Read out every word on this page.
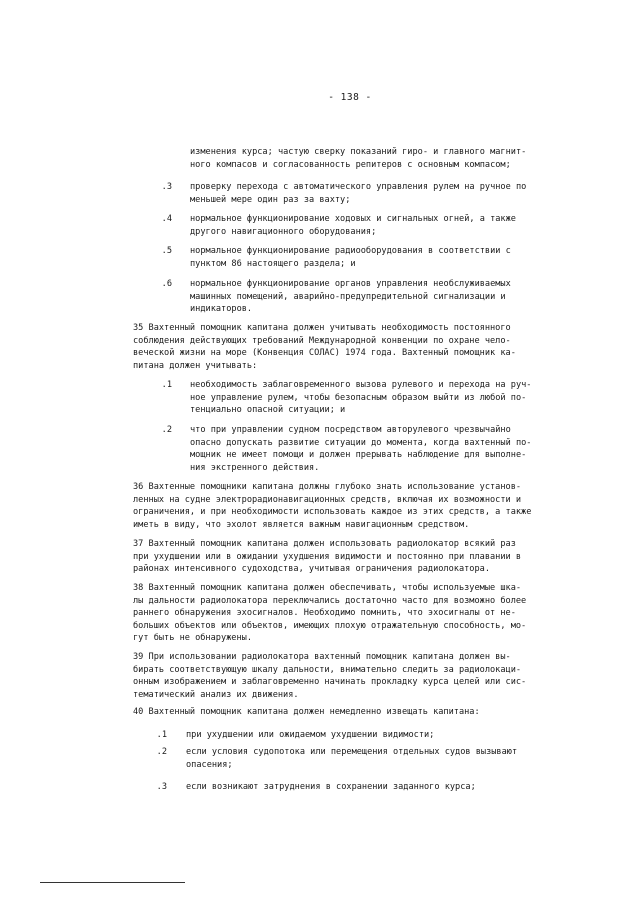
- 138 -
изменения курса; частую сверку показаний гиро- и главного магнит-
ного компасов и согласованность репитеров с основным компасом;
.3 проверку перехода с автоматического управления рулем на ручное по
меньшей мере один раз за вахту;
.4 нормальное функционирование ходовых и сигнальных огней, а также
другого навигационного оборудования;
.5 нормальное функционирование радиооборудования в соответствии с
пунктом 86 настоящего раздела; и
.6 нормальное функционирование органов управления необслуживаемых
машинных помещений, аварийно-предупредительной сигнализации и
индикаторов.
35 Вахтенный помощник капитана должен учитывать необходимость постоянного
соблюдения действующих требований Международной конвенции по охране чело-
веческой жизни на море (Конвенция СОЛАС) 1974 года. Вахтенный помощник ка-
питана должен учитывать:
.1 необходимость заблаговременного вызова рулевого и перехода на руч-
ное управление рулем, чтобы безопасным образом выйти из любой по-
тенциально опасной ситуации; и
.2 что при управлении судном посредством авторулевого чрезвычайно
опасно допускать развитие ситуации до момента, когда вахтенный по-
мощник не имеет помощи и должен прерывать наблюдение для выполне-
ния экстренного действия.
36 Вахтенные помощники капитана должны глубоко знать использование установ-
ленных на судне электрорадионавигационных средств, включая их возможности и
ограничения, и при необходимости использовать каждое из этих средств, а также
иметь в виду, что эхолот является важным навигационным средством.
37 Вахтенный помощник капитана должен использовать радиолокатор всякий раз
при ухудшении или в ожидании ухудшения видимости и постоянно при плавании в
районах интенсивного судоходства, учитывая ограничения радиолокатора.
38 Вахтенный помощник капитана должен обеспечивать, чтобы используемые шка-
лы дальности радиолокатора переключались достаточно часто для возможно более
раннего обнаружения эхосигналов. Необходимо помнить, что эхосигналы от не-
больших объектов или объектов, имеющих плохую отражательную способность, мо-
гут быть не обнаружены.
39 При использовании радиолокатора вахтенный помощник капитана должен вы-
бирать соответствующую шкалу дальности, внимательно следить за радиолокаци-
онным изображением и заблаговременно начинать прокладку курса целей или сис-
тематический анализ их движения.
40 Вахтенный помощник капитана должен немедленно извещать капитана:
.1 при ухудшении или ожидаемом ухудшении видимости;
.2 если условия судопотока или перемещения отдельных судов вызывают
опасения;
.3 если возникают затруднения в сохранении заданного курса;
